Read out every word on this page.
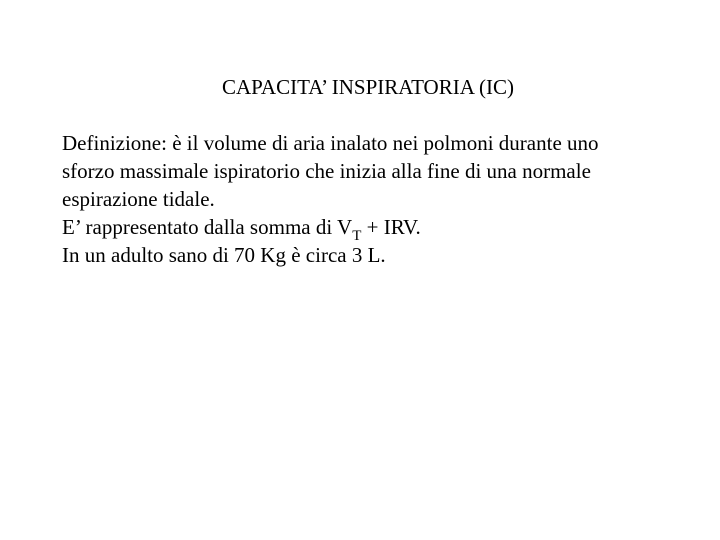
CAPACITA’ INSPIRATORIA (IC)
Definizione: è il volume di aria inalato nei polmoni durante uno
sforzo massimale ispiratorio che inizia alla fine di una normale
espirazione tidale.
E’ rappresentato dalla somma di $V_T$ + IRV.
In un adulto sano di 70 Kg è circa 3 L.
